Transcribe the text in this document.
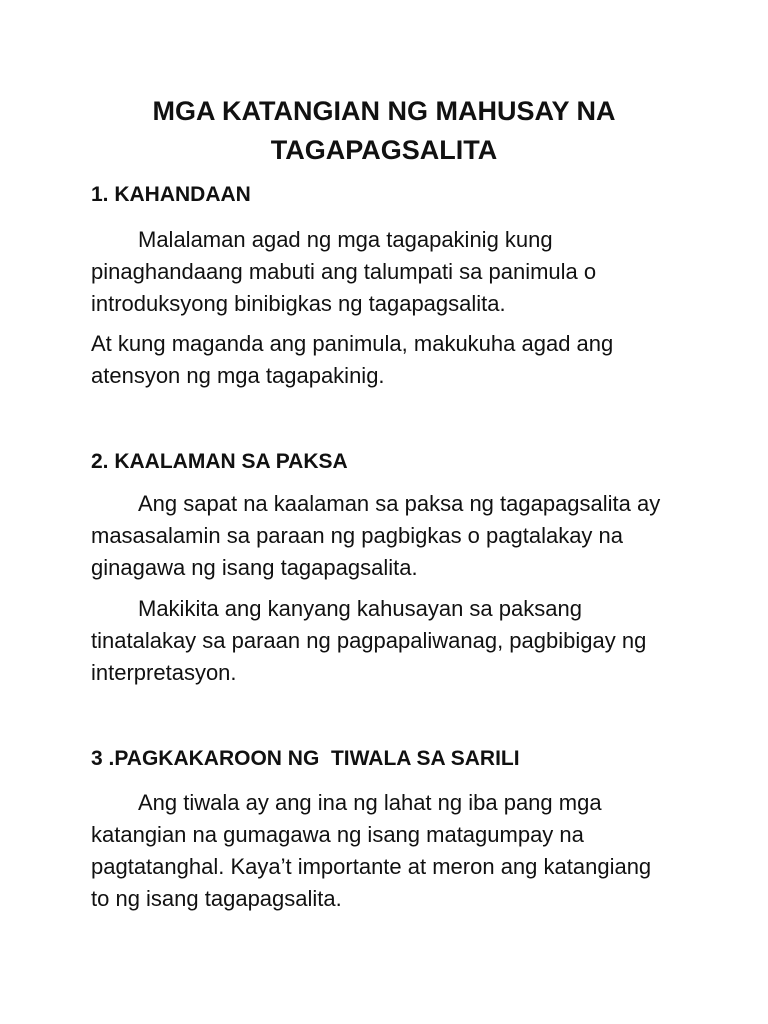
MGA KATANGIAN NG MAHUSAY NA
TAGAPAGSALITA
1. KAHANDAAN

Malalaman agad ng mga tagapakinig kung
pinaghandaang mabuti ang talumpati sa panimula o
introduksyong binibigkas ng tagapagsalita.

At kung maganda ang panimula, makukuha agad ang
atensyon ng mga tagapakinig.

2. KAALAMAN SA PAKSA

Ang sapat na kaalaman sa paksa ng tagapagsalita ay
masasalamin sa paraan ng pagbigkas o pagtalakay na
ginagawa ng isang tagapagsalita.

Makikita ang kanyang kahusayan sa paksang
tinatalakay sa paraan ng pagpapaliwanag, pagbibigay ng
interpretasyon.

3 .PAGKAKAROON NG  TIWALA SA SARILI

Ang tiwala ay ang ina ng lahat ng iba pang mga
katangian na gumagawa ng isang matagumpay na
pagtatanghal. Kaya’t importante at meron ang katangiang
to ng isang tagapagsalita.
